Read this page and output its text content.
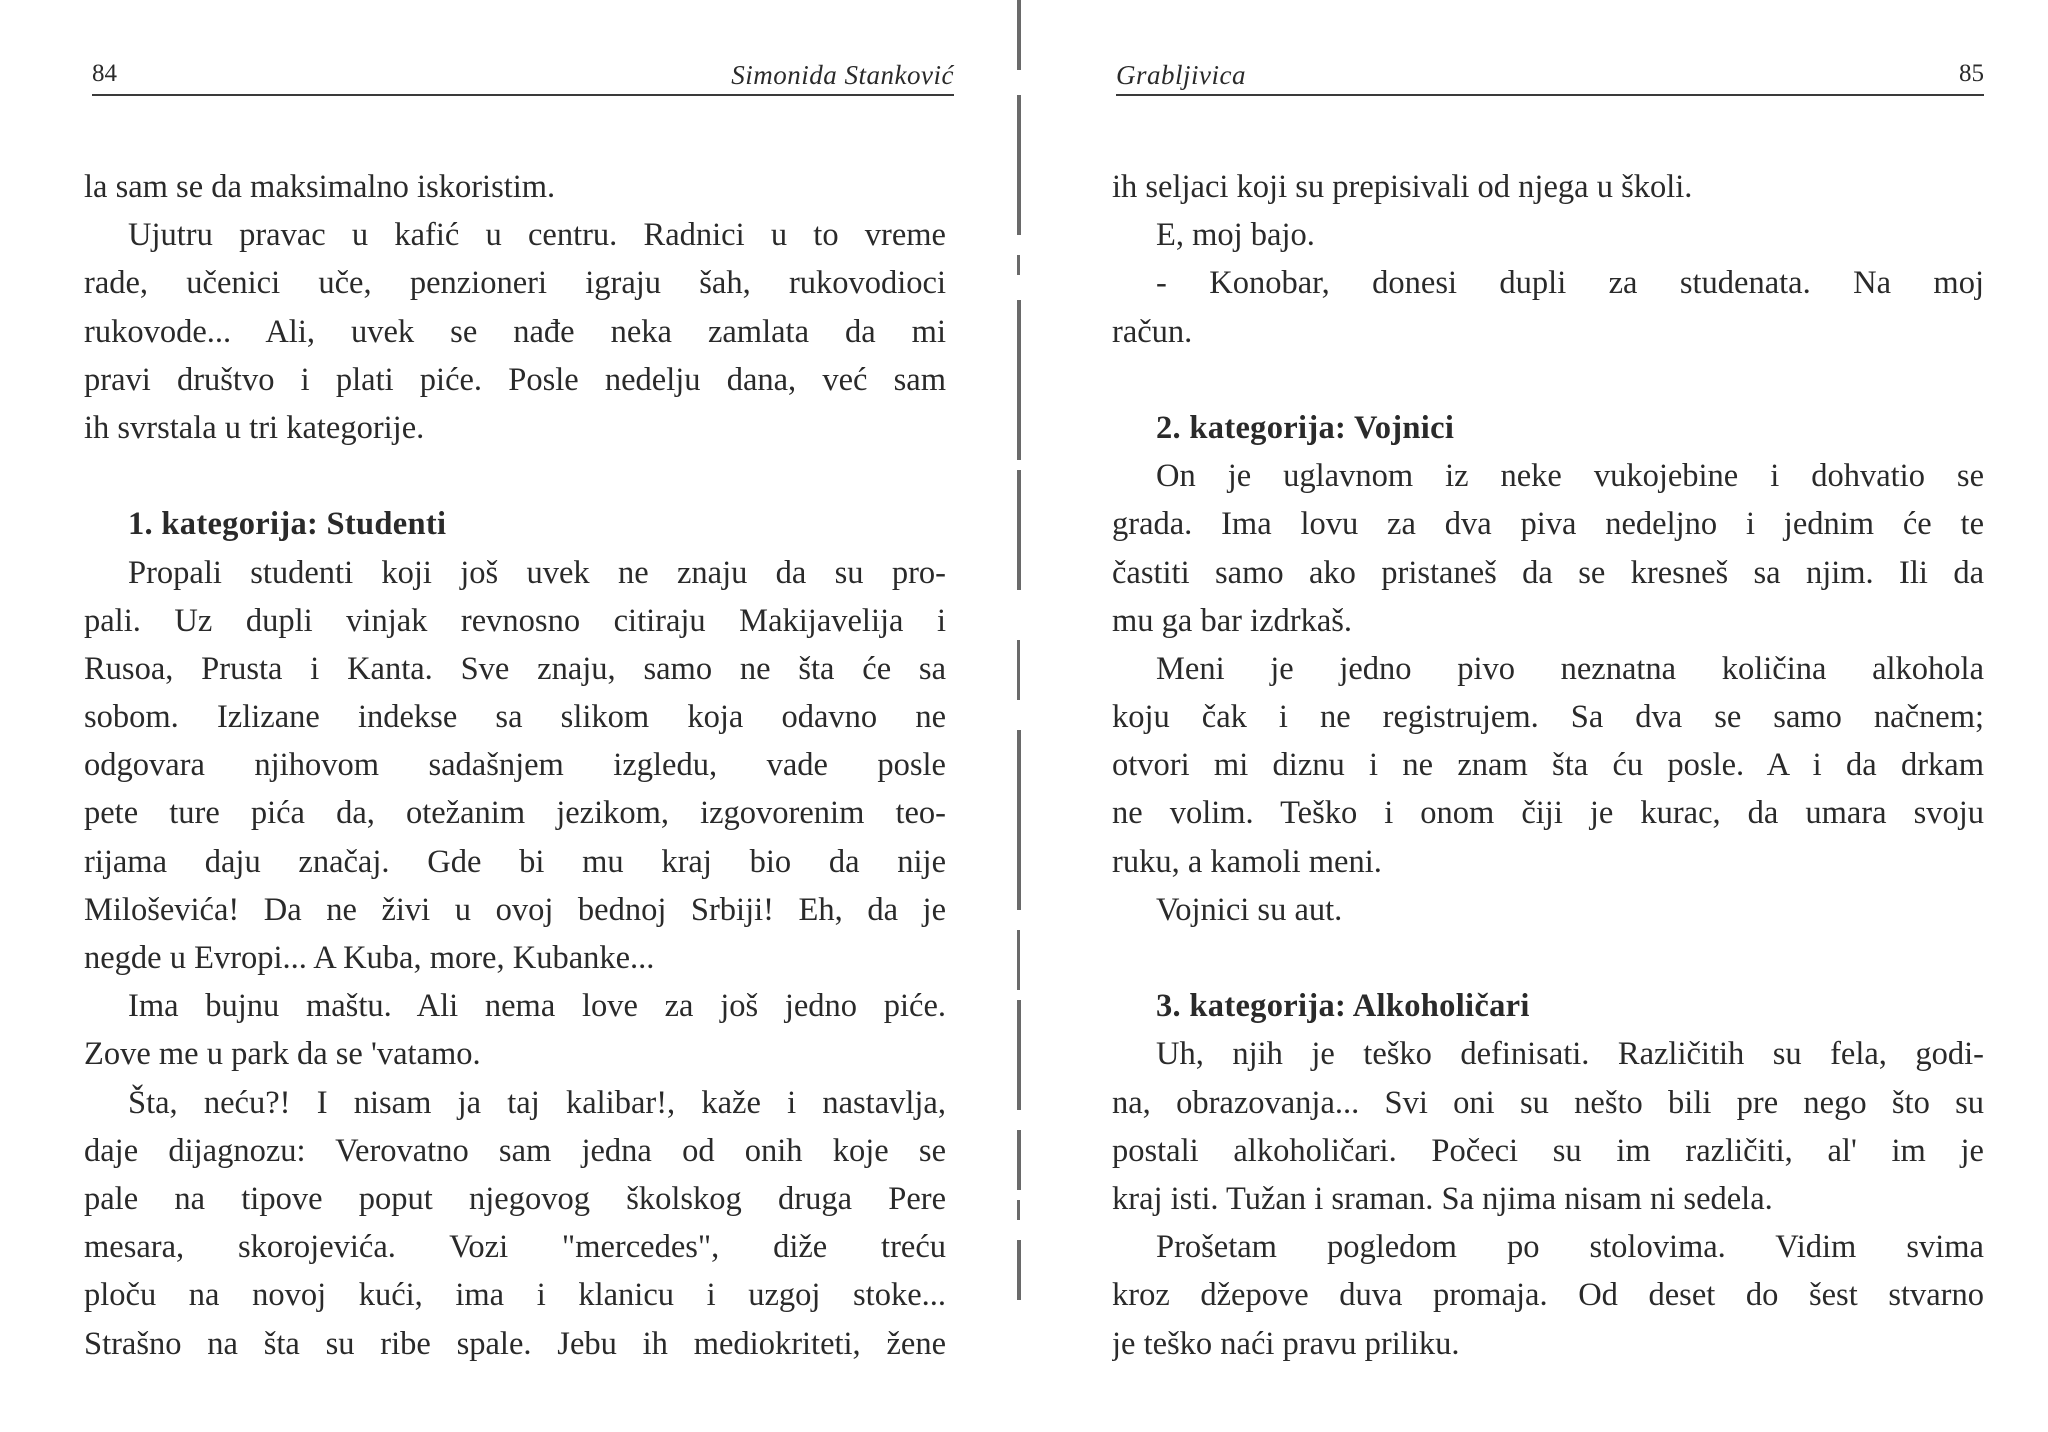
84	Simonida Stanković
la sam se da maksimalno iskoristim.
Ujutru pravac u kafić u centru. Radnici u to vreme
rade, učenici uče, penzioneri igraju šah, rukovodioci
rukovode... Ali, uvek se nađe neka zamlata da mi
pravi društvo i plati piće. Posle nedelju dana, već sam
ih svrstala u tri kategorije.
1. kategorija: Studenti
Propali studenti koji još uvek ne znaju da su pro-
pali. Uz dupli vinjak revnosno citiraju Makijavelija i
Rusoa, Prusta i Kanta. Sve znaju, samo ne šta će sa
sobom. Izlizane indekse sa slikom koja odavno ne
odgovara njihovom sadašnjem izgledu, vade posle
pete ture pića da, otežanim jezikom, izgovorenim teo-
rijama daju značaj. Gde bi mu kraj bio da nije
Miloševića! Da ne živi u ovoj bednoj Srbiji! Eh, da je
negde u Evropi... A Kuba, more, Kubanke...
Ima bujnu maštu. Ali nema love za još jedno piće.
Zove me u park da se 'vatamo.
Šta, neću?! I nisam ja taj kalibar!, kaže i nastavlja,
daje dijagnozu: Verovatno sam jedna od onih koje se
pale na tipove poput njegovog školskog druga Pere
mesara, skorojevića. Vozi "mercedes", diže treću
ploču na novoj kući, ima i klanicu i uzgoj stoke...
Strašno na šta su ribe spale. Jebu ih mediokriteti, žene
Grabljivica	85
ih seljaci koji su prepisivali od njega u školi.
E, moj bajo.
- Konobar, donesi dupli za studenata. Na moj
račun.
2. kategorija: Vojnici
On je uglavnom iz neke vukojebine i dohvatio se
grada. Ima lovu za dva piva nedeljno i jednim će te
častiti samo ako pristaneš da se kresneš sa njim. Ili da
mu ga bar izdrkaš.
Meni je jedno pivo neznatna količina alkohola
koju čak i ne registrujem. Sa dva se samo načnem;
otvori mi diznu i ne znam šta ću posle. A i da drkam
ne volim. Teško i onom čiji je kurac, da umara svoju
ruku, a kamoli meni.
Vojnici su aut.
3. kategorija: Alkoholičari
Uh, njih je teško definisati. Različitih su fela, godi-
na, obrazovanja... Svi oni su nešto bili pre nego što su
postali alkoholičari. Počeci su im različiti, al' im je
kraj isti. Tužan i sraman. Sa njima nisam ni sedela.
Prošetam pogledom po stolovima. Vidim svima
kroz džepove duva promaja. Od deset do šest stvarno
je teško naći pravu priliku.
